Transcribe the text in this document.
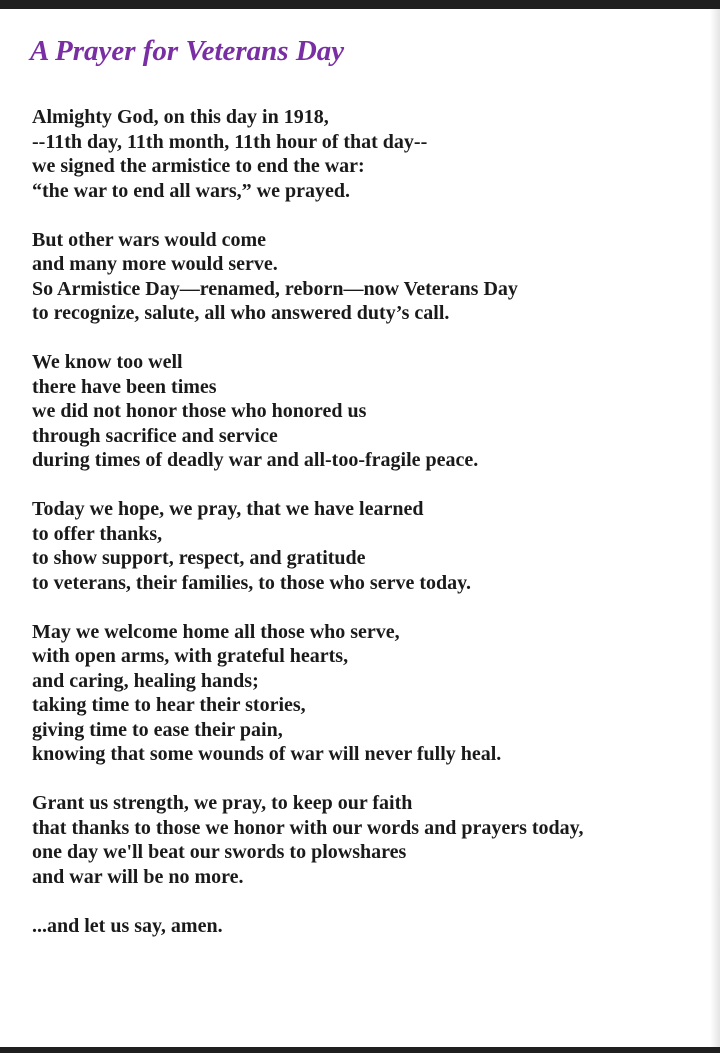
A Prayer for Veterans Day

Almighty God, on this day in 1918,
--11th day, 11th month, 11th hour of that day--
we signed the armistice to end the war:
“the war to end all wars,” we prayed.

But other wars would come
and many more would serve.
So Armistice Day—renamed, reborn—now Veterans Day
to recognize, salute, all who answered duty’s call.

We know too well
there have been times
we did not honor those who honored us
through sacrifice and service
during times of deadly war and all-too-fragile peace.

Today we hope, we pray, that we have learned
to offer thanks,
to show support, respect, and gratitude
to veterans, their families, to those who serve today.

May we welcome home all those who serve,
with open arms, with grateful hearts,
and caring, healing hands;
taking time to hear their stories,
giving time to ease their pain,
knowing that some wounds of war will never fully heal.

Grant us strength, we pray, to keep our faith
that thanks to those we honor with our words and prayers today,
one day we'll beat our swords to plowshares
and war will be no more.

...and let us say, amen.
